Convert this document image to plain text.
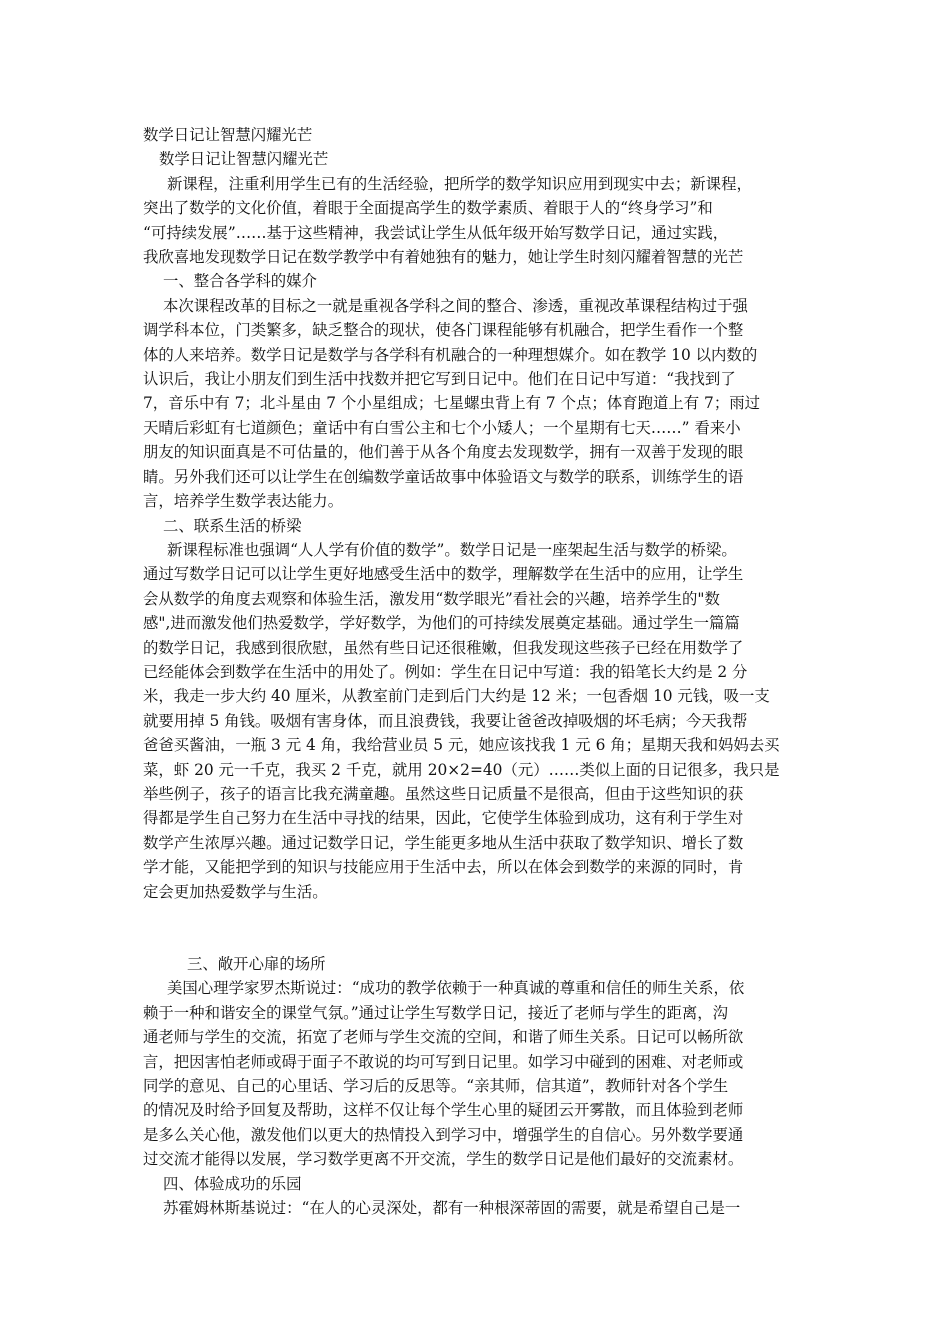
数学日记让智慧闪耀光芒
数学日记让智慧闪耀光芒
新课程，注重利用学生已有的生活经验，把所学的数学知识应用到现实中去；新课程，
突出了数学的文化价值，着眼于全面提高学生的数学素质、着眼于人的“终身学习”和
“可持续发展”……基于这些精神，我尝试让学生从低年级开始写数学日记，通过实践，
我欣喜地发现数学日记在数学教学中有着她独有的魅力，她让学生时刻闪耀着智慧的光芒
一、整合各学科的媒介
本次课程改革的目标之一就是重视各学科之间的整合、渗透，重视改革课程结构过于强
调学科本位，门类繁多，缺乏整合的现状，使各门课程能够有机融合，把学生看作一个整
体的人来培养。数学日记是数学与各学科有机融合的一种理想媒介。如在教学 10 以内数的
认识后，我让小朋友们到生活中找数并把它写到日记中。他们在日记中写道：“我找到了
7，音乐中有 7；北斗星由 7 个小星组成；七星螺虫背上有 7 个点；体育跑道上有 7；雨过
天晴后彩虹有七道颜色；童话中有白雪公主和七个小矮人；一个星期有七天……” 看来小
朋友的知识面真是不可估量的，他们善于从各个角度去发现数学，拥有一双善于发现的眼
睛。另外我们还可以让学生在创编数学童话故事中体验语文与数学的联系，训练学生的语
言，培养学生数学表达能力。
二、联系生活的桥梁
新课程标准也强调“人人学有价值的数学”。数学日记是一座架起生活与数学的桥梁。
通过写数学日记可以让学生更好地感受生活中的数学，理解数学在生活中的应用，让学生
会从数学的角度去观察和体验生活，激发用“数学眼光”看社会的兴趣，培养学生的"数
感",进而激发他们热爱数学，学好数学，为他们的可持续发展奠定基础。通过学生一篇篇
的数学日记，我感到很欣慰，虽然有些日记还很稚嫩，但我发现这些孩子已经在用数学了
已经能体会到数学在生活中的用处了。例如：学生在日记中写道：我的铅笔长大约是 2 分
米，我走一步大约 40 厘米，从教室前门走到后门大约是 12 米；一包香烟 10 元钱，吸一支
就要用掉 5 角钱。吸烟有害身体，而且浪费钱，我要让爸爸改掉吸烟的坏毛病；今天我帮
爸爸买酱油，一瓶 3 元 4 角，我给营业员 5 元，她应该找我 1 元 6 角；星期天我和妈妈去买
菜，虾 20 元一千克，我买 2 千克，就用 20×2=40（元）……类似上面的日记很多，我只是
举些例子，孩子的语言比我充满童趣。虽然这些日记质量不是很高，但由于这些知识的获
得都是学生自己努力在生活中寻找的结果，因此，它使学生体验到成功，这有利于学生对
数学产生浓厚兴趣。通过记数学日记，学生能更多地从生活中获取了数学知识、增长了数
学才能，又能把学到的知识与技能应用于生活中去，所以在体会到数学的来源的同时，肯
定会更加热爱数学与生活。
三、敞开心扉的场所
美国心理学家罗杰斯说过：“成功的教学依赖于一种真诚的尊重和信任的师生关系，依
赖于一种和谐安全的课堂气氛。”通过让学生写数学日记，接近了老师与学生的距离，沟
通老师与学生的交流，拓宽了老师与学生交流的空间，和谐了师生关系。日记可以畅所欲
言，把因害怕老师或碍于面子不敢说的均可写到日记里。如学习中碰到的困难、对老师或
同学的意见、自己的心里话、学习后的反思等。“亲其师，信其道”，教师针对各个学生
的情况及时给予回复及帮助，这样不仅让每个学生心里的疑团云开雾散，而且体验到老师
是多么关心他，激发他们以更大的热情投入到学习中，增强学生的自信心。另外数学要通
过交流才能得以发展，学习数学更离不开交流，学生的数学日记是他们最好的交流素材。
四、体验成功的乐园
苏霍姆林斯基说过：“在人的心灵深处，都有一种根深蒂固的需要，就是希望自己是一
